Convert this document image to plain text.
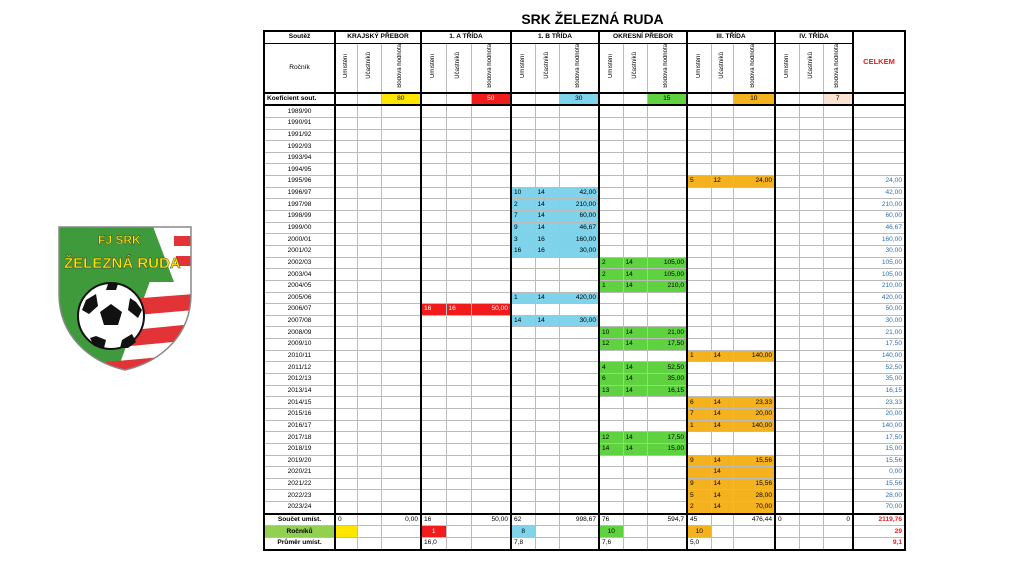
FJ SRK
ŽELEZNÁ RUDA
SRK ŽELEZNÁ RUDA
Soutěž	KRAJSKÝ PŘEBOR			1. A TŘÍDA			1. B TŘÍDA			OKRESNÍ PŘEBOR			III. TŘÍDA			IV. TŘÍDA			CELKEM
Ročník	Umístění	Účastníků	Bodová hodnota	Umístění	Účastníků	Bodová hodnota	Umístění	Účastníků	Bodová hodnota	Umístění	Účastníků	Bodová hodnota	Umístění	Účastníků	Bodová hodnota	Umístění	Účastníků	Bodová hodnota	
Koeficient sout.			80			50			30			15			10			7	
1989/90																			
1990/91																			
1991/92																			
1992/93																			
1993/94																			
1994/95																			
1995/96													5	12	24,00				24,00
1996/97							10	14	42,00										42,00
1997/98							2	14	210,00										210,00
1998/99							7	14	60,00										60,00
1999/00							9	14	46,67										46,67
2000/01							3	16	160,00										160,00
2001/02							16	16	30,00										30,00
2002/03										2	14	105,00							105,00
2003/04										2	14	105,00							105,00
2004/05										1	14	210,0							210,00
2005/06							1	14	420,00										420,00
2006/07				16	16	50,00													50,00
2007/08							14	14	30,00										30,00
2008/09										10	14	21,00							21,00
2009/10										12	14	17,50							17,50
2010/11													1	14	140,00				140,00
2011/12										4	14	52,50							52,50
2012/13										6	14	35,00							35,00
2013/14										13	14	16,15							16,15
2014/15													6	14	23,33				23,33
2015/16													7	14	20,00				20,00
2016/17													1	14	140,00				140,00
2017/18										12	14	17,50							17,50
2018/19										14	14	15,00							15,00
2019/20													9	14	15,56				15,56
2020/21														14					0,00
2021/22													9	14	15,56				15,56
2022/23													5	14	28,00				28,00
2023/24													2	14	70,00				70,00
Součet umíst.	0		0,00	16		50,00	62		998,67	76		594,7	45		476,44	0		0	2119,76
Ročníků				1			8			10			10						29
Průměr umíst.				16,0			7,8			7,6			5,0						9,1
